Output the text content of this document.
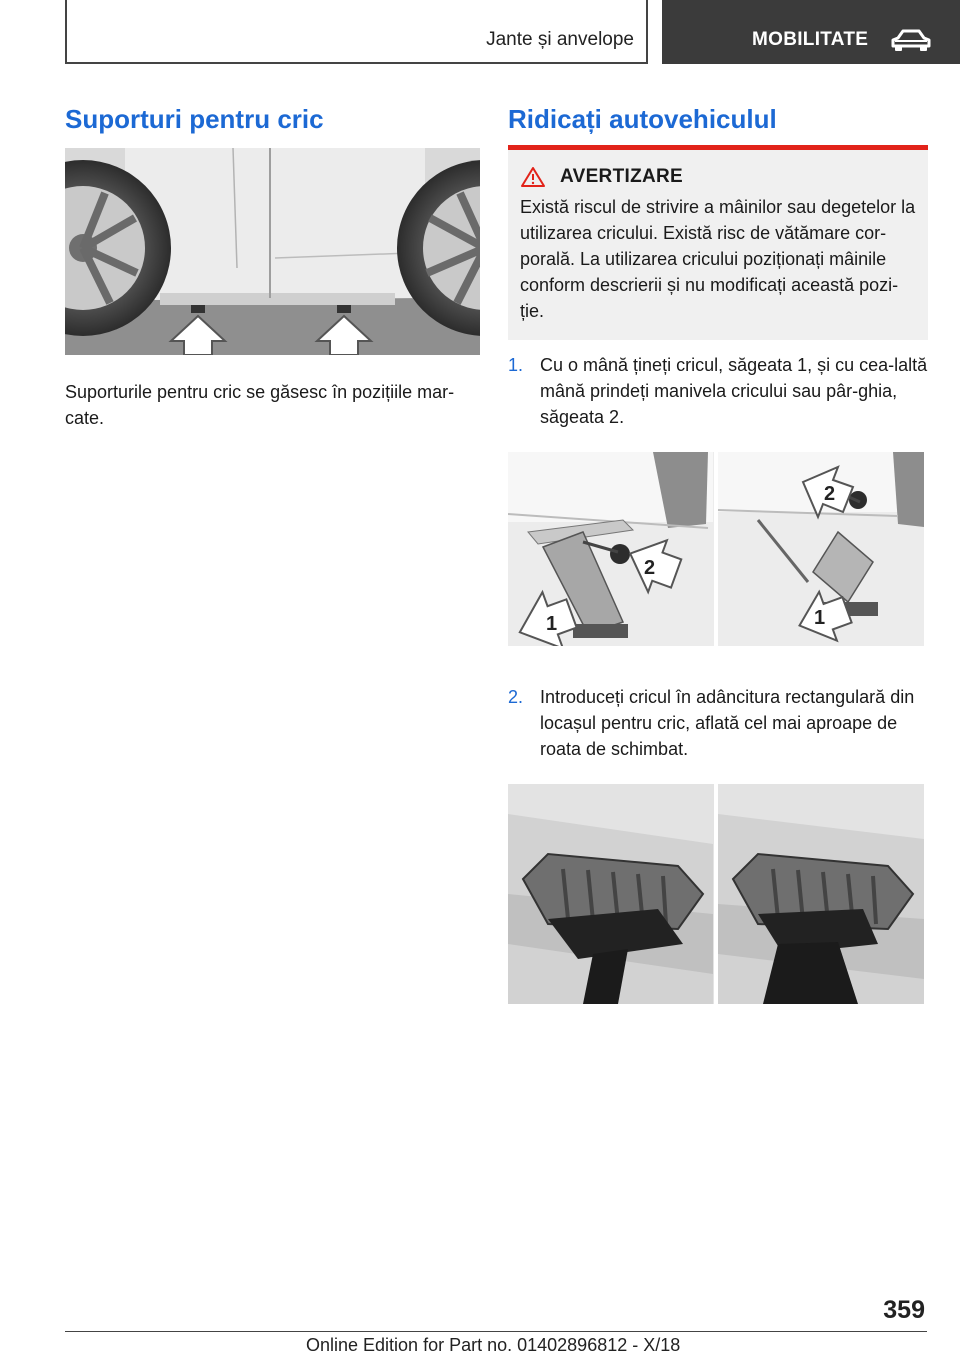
Jante și anvelope	MOBILITATE
Suporturi pentru cric

Suporturile pentru cric se găsesc în pozițiile mar-cate.

Ridicați autovehiculul
AVERTIZARE
Există riscul de strivire a mâinilor sau degetelor la utilizarea cricului. Există risc de vătămare cor-porală. La utilizarea cricului poziționați mâinile conform descrierii și nu modificați această pozi-ție.
1. Cu o mână țineți cricul, săgeata 1, și cu cea-laltă mână prindeți manivela cricului sau pâr-ghia, săgeata 2.
1
2
2
1
2. Introduceți cricul în adâncitura rectangulară din locașul pentru cric, aflată cel mai aproape de roata de schimbat.
359
Online Edition for Part no. 01402896812 - X/18
